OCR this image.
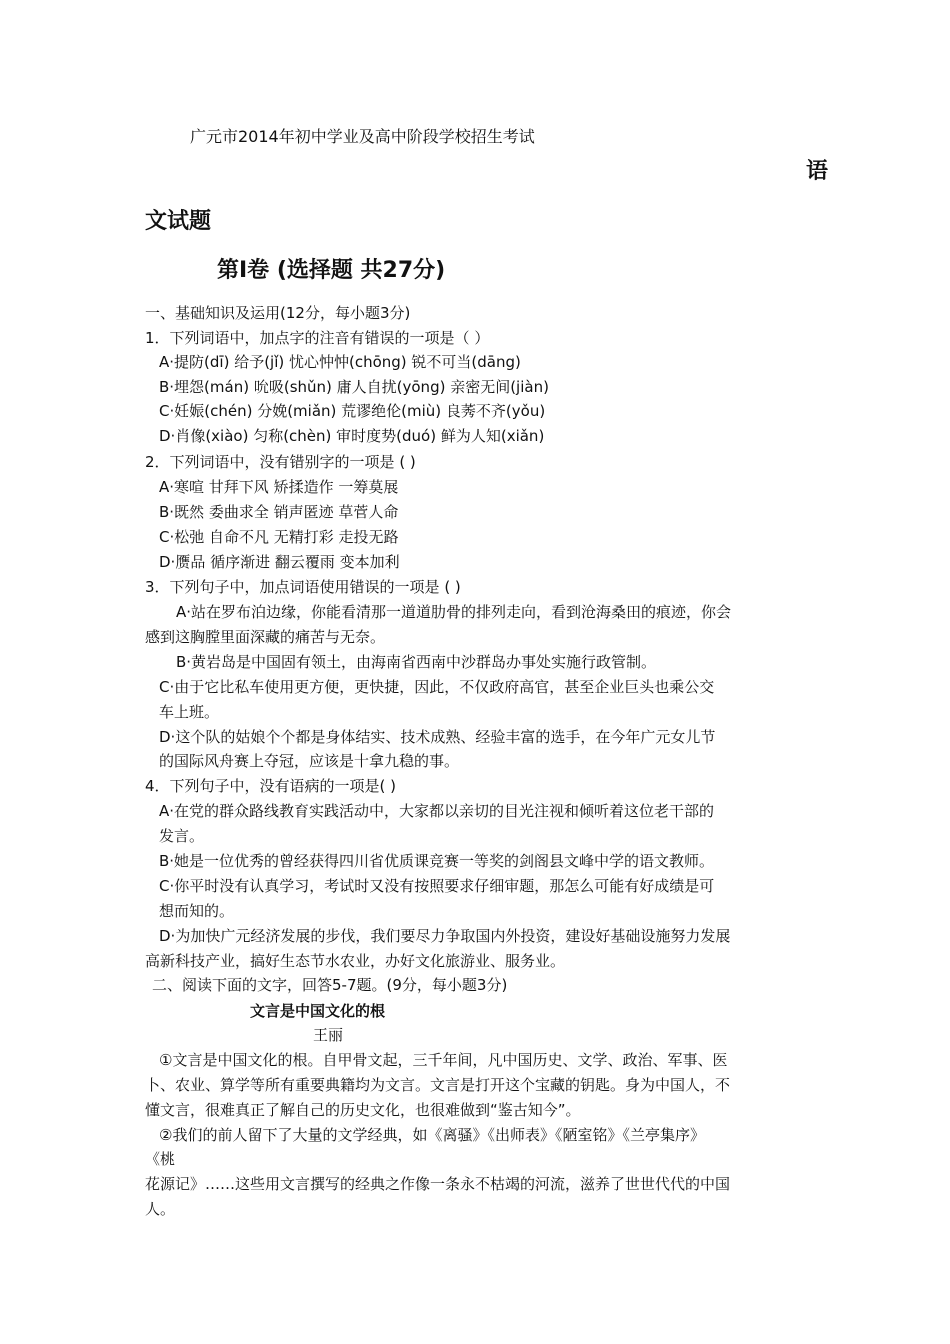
广元市2014年初中学业及高中阶段学校招生考试
语
文试题
第Ⅰ卷 (选择题 共27分)
一、基础知识及运用(12分，每小题3分)
1．下列词语中，加点字的注音有错误的一项是（ ）
A·提防(dī) 给予(jǐ) 忧心忡忡(chōng) 锐不可当(dāng)
B·埋怨(mán) 吮吸(shǔn) 庸人自扰(yōng) 亲密无间(jiàn)
C·妊娠(chén) 分娩(miǎn) 荒谬绝伦(miù) 良莠不齐(yǒu)
D·肖像(xiào) 匀称(chèn) 审时度势(duó) 鲜为人知(xiǎn)
2．下列词语中，没有错别字的一项是 ( )
A·寒喧 甘拜下风 矫揉造作 一筹莫展
B·既然 委曲求全 销声匿迹 草菅人命
C·松弛 自命不凡 无精打彩 走投无路
D·赝品 循序渐进 翻云覆雨 变本加利
3．下列句子中，加点词语使用错误的一项是 ( )
A·站在罗布泊边缘，你能看清那一道道肋骨的排列走向，看到沧海桑田的痕迹，你会
感到这胸膛里面深藏的痛苦与无奈。
B·黄岩岛是中国固有领土，由海南省西南中沙群岛办事处实施行政管制。
C·由于它比私车使用更方便，更快捷，因此，不仅政府高官，甚至企业巨头也乘公交
车上班。
D·这个队的姑娘个个都是身体结实、技术成熟、经验丰富的选手，在今年广元女儿节
的国际风舟赛上夺冠，应该是十拿九稳的事。
4．下列句子中，没有语病的一项是( )
A·在党的群众路线教育实践活动中，大家都以亲切的目光注视和倾听着这位老干部的
发言。
B·她是一位优秀的曾经获得四川省优质课竞赛一等奖的剑阁县文峰中学的语文教师。
C·你平时没有认真学习，考试时又没有按照要求仔细审题，那怎么可能有好成绩是可
想而知的。
D·为加快广元经济发展的步伐，我们要尽力争取国内外投资，建设好基础设施努力发展
高新科技产业，搞好生态节水农业，办好文化旅游业、服务业。
二、阅读下面的文字，回答5-7题。(9分，每小题3分)
文言是中国文化的根
王丽
①文言是中国文化的根。自甲骨文起，三千年间，凡中国历史、文学、政治、军事、医
卜、农业、算学等所有重要典籍均为文言。文言是打开这个宝藏的钥匙。身为中国人，不
懂文言，很难真正了解自己的历史文化，也很难做到“鉴古知今”。
②我们的前人留下了大量的文学经典，如《离骚》《出师表》《陋室铭》《兰亭集序》
《桃
花源记》……这些用文言撰写的经典之作像一条永不枯竭的河流，滋养了世世代代的中国
人。
